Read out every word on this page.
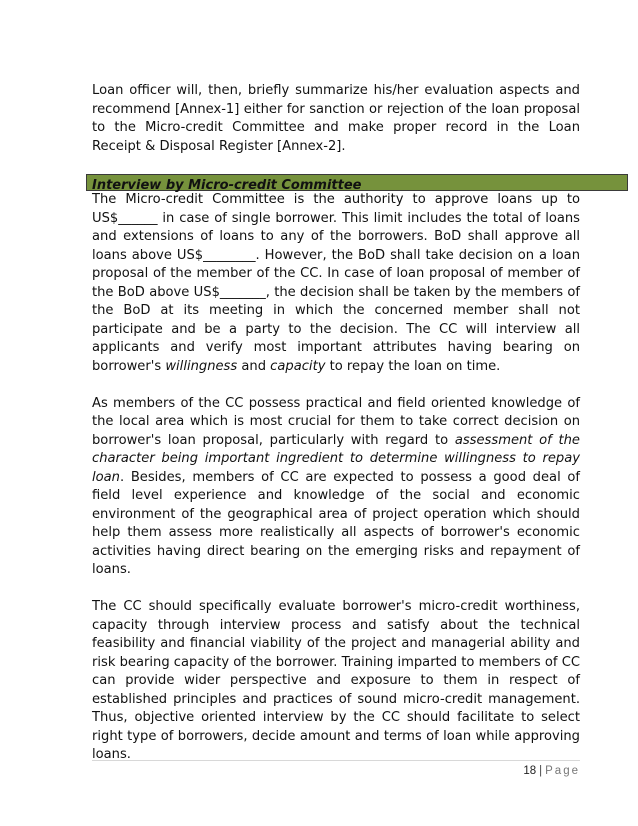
Loan officer will, then, briefly summarize his/her evaluation aspects and recommend [Annex-1] either for sanction or rejection of the loan proposal to the Micro-credit Committee and make proper record in the Loan Receipt & Disposal Register [Annex-2].

Interview by Micro-credit Committee

The Micro-credit Committee is the authority to approve loans up to US$______ in case of single borrower. This limit includes the total of loans and extensions of loans to any of the borrowers. BoD shall approve all loans above US$________. However, the BoD shall take decision on a loan proposal of the member of the CC. In case of loan proposal of member of the BoD above US$_______, the decision shall be taken by the members of the BoD at its meeting in which the concerned member shall not participate and be a party to the decision. The CC will interview all applicants and verify most important attributes having bearing on borrower's willingness and capacity to repay the loan on time.

As members of the CC possess practical and field oriented knowledge of the local area which is most crucial for them to take correct decision on borrower's loan proposal, particularly with regard to assessment of the character being important ingredient to determine willingness to repay loan. Besides, members of CC are expected to possess a good deal of field level experience and knowledge of the social and economic environment of the geographical area of project operation which should help them assess more realistically all aspects of borrower's economic activities having direct bearing on the emerging risks and repayment of loans.

The CC should specifically evaluate borrower's micro-credit worthiness, capacity through interview process and satisfy about the technical feasibility and financial viability of the project and managerial ability and risk bearing capacity of the borrower. Training imparted to members of CC can provide wider perspective and exposure to them in respect of established principles and practices of sound micro-credit management. Thus, objective oriented interview by the CC should facilitate to select right type of borrowers, decide amount and terms of loan while approving loans.

18 | Page
